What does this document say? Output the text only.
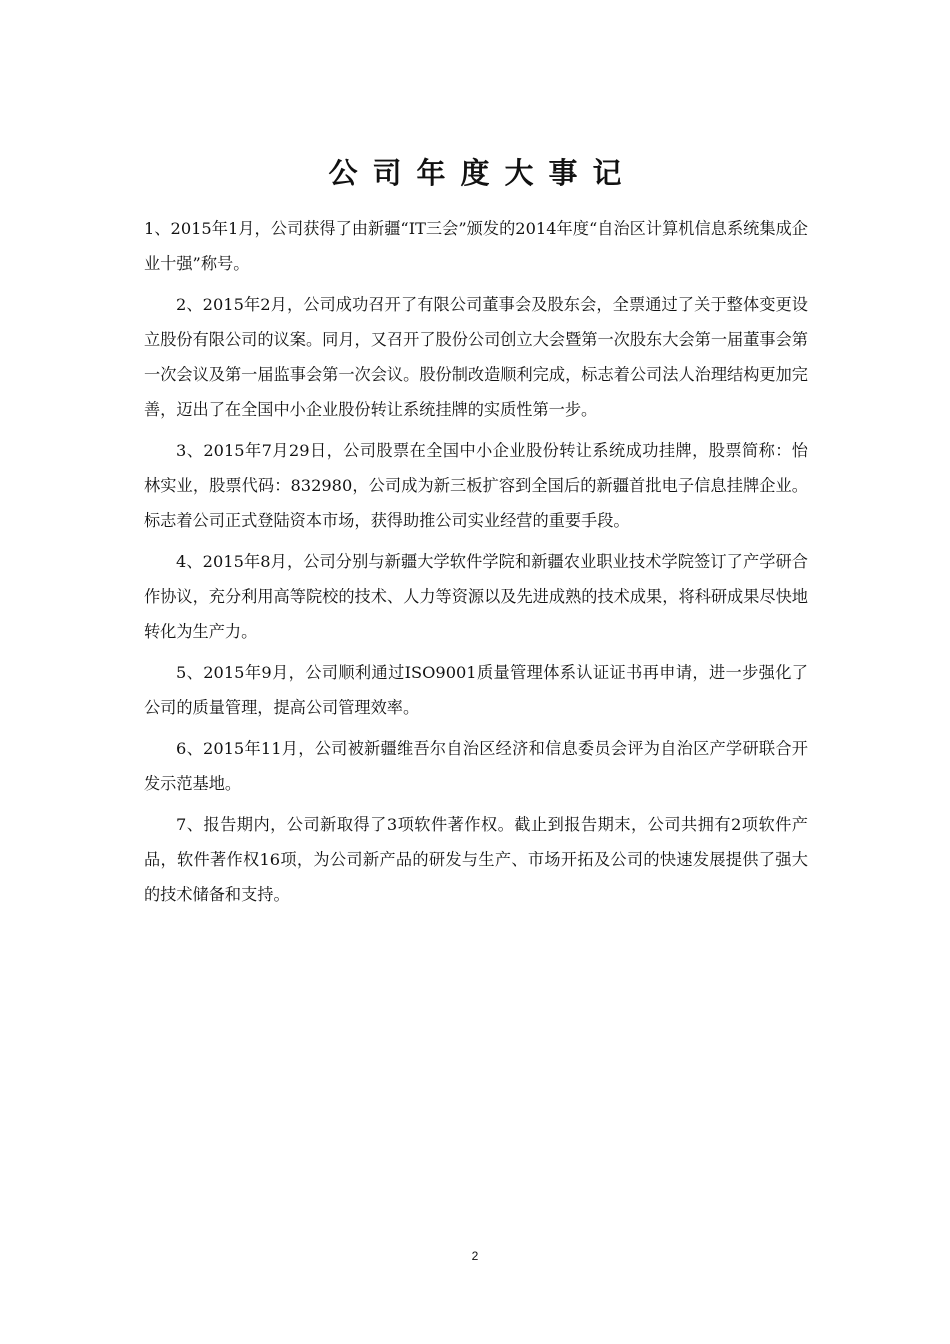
公司年度大事记

1、2015年1月，公司获得了由新疆“IT三会”颁发的2014年度“自治区计算机信息系统集成企业十强”称号。

2、2015年2月，公司成功召开了有限公司董事会及股东会，全票通过了关于整体变更设立股份有限公司的议案。同月，又召开了股份公司创立大会暨第一次股东大会第一届董事会第一次会议及第一届监事会第一次会议。股份制改造顺利完成，标志着公司法人治理结构更加完善，迈出了在全国中小企业股份转让系统挂牌的实质性第一步。

3、2015年7月29日，公司股票在全国中小企业股份转让系统成功挂牌，股票简称：怡林实业，股票代码：832980，公司成为新三板扩容到全国后的新疆首批电子信息挂牌企业。标志着公司正式登陆资本市场，获得助推公司实业经营的重要手段。

4、2015年8月，公司分别与新疆大学软件学院和新疆农业职业技术学院签订了产学研合作协议，充分利用高等院校的技术、人力等资源以及先进成熟的技术成果，将科研成果尽快地转化为生产力。

5、2015年9月，公司顺利通过ISO9001质量管理体系认证证书再申请，进一步强化了公司的质量管理，提高公司管理效率。

6、2015年11月，公司被新疆维吾尔自治区经济和信息委员会评为自治区产学研联合开发示范基地。

7、报告期内，公司新取得了3项软件著作权。截止到报告期末，公司共拥有2项软件产品，软件著作权16项，为公司新产品的研发与生产、市场开拓及公司的快速发展提供了强大的技术储备和支持。

2
